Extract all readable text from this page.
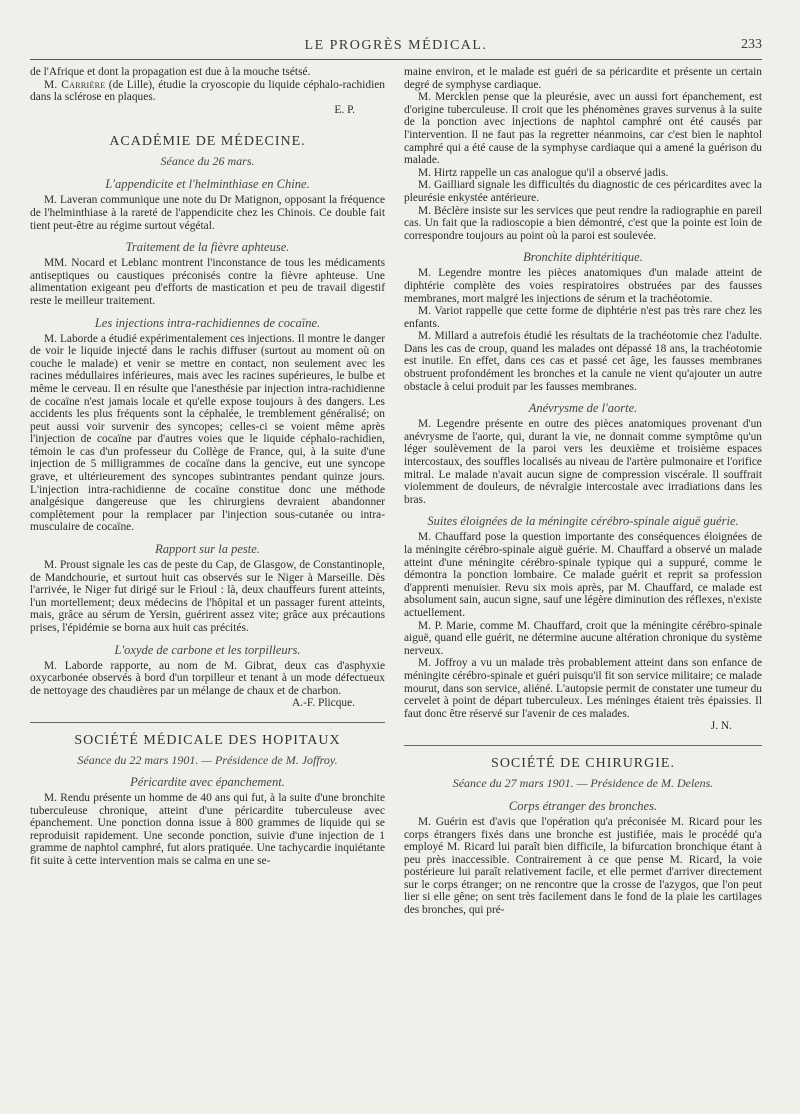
LE PROGRÈS MÉDICAL.	233

de l'Afrique et dont la propagation est due à la mouche tsétsé.

M. Carrière (de Lille), étudie la cryoscopie du liquide céphalo-rachidien dans la sclérose en plaques.

E. P.
ACADÉMIE DE MÉDECINE.
Séance du 26 mars.
L'appendicite et l'helminthiase en Chine.

M. Laveran communique une note du Dr Matignon, opposant la fréquence de l'helminthiase à la rareté de l'appendicite chez les Chinois. Ce double fait tient peut-être au régime surtout végétal.

Traitement de la fièvre aphteuse.

MM. Nocard et Leblanc montrent l'inconstance de tous les médicaments antiseptiques ou caustiques préconisés contre la fièvre aphteuse. Une alimentation exigeant peu d'efforts de mastication et peu de travail digestif reste le meilleur traitement.

Les injections intra-rachidiennes de cocaïne.

M. Laborde a étudié expérimentalement ces injections. Il montre le danger de voir le liquide injecté dans le rachis diffuser (surtout au moment où on couche le malade) et venir se mettre en contact, non seulement avec les racines médullaires inférieures, mais avec les racines supérieures, le bulbe et même le cerveau. Il en résulte que l'anesthésie par injection intra-rachidienne de cocaïne n'est jamais locale et qu'elle expose toujours à des dangers. Les accidents les plus fréquents sont la céphalée, le tremblement généralisé; on peut aussi voir survenir des syncopes; celles-ci se voient même après l'injection de cocaïne par d'autres voies que le liquide céphalo-rachidien, témoin le cas d'un professeur du Collège de France, qui, à la suite d'une injection de 5 milligrammes de cocaïne dans la gencive, eut une syncope grave, et ultérieurement des syncopes subintrantes pendant quinze jours. L'injection intra-rachidienne de cocaïne constitue donc une méthode analgésique dangereuse que les chirurgiens devraient abandonner complètement pour la remplacer par l'injection sous-cutanée ou intra-musculaire de cocaïne.

Rapport sur la peste.

M. Proust signale les cas de peste du Cap, de Glasgow, de Constantinople, de Mandchourie, et surtout huit cas observés sur le Niger à Marseille. Dès l'arrivée, le Niger fut dirigé sur le Frioul : là, deux chauffeurs furent atteints, l'un mortellement; deux médecins de l'hôpital et un passager furent atteints, mais, grâce au sérum de Yersin, guérirent assez vite; grâce aux précautions prises, l'épidémie se borna aux huit cas précités.

L'oxyde de carbone et les torpilleurs.

M. Laborde rapporte, au nom de M. Gibrat, deux cas d'asphyxie oxycarbonée observés à bord d'un torpilleur et tenant à un mode défectueux de nettoyage des chaudières par un mélange de chaux et de charbon.

A.-F. Plicque.
SOCIÉTÉ MÉDICALE DES HOPITAUX
Séance du 22 mars 1901. — Présidence de M. Joffroy.
Péricardite avec épanchement.

M. Rendu présente un homme de 40 ans qui fut, à la suite d'une bronchite tuberculeuse chronique, atteint d'une péricardite tuberculeuse avec épanchement. Une ponction donna issue à 800 grammes de liquide qui se reproduisit rapidement. Une seconde ponction, suivie d'une injection de 1 gramme de naphtol camphré, fut alors pratiquée. Une tachycardie inquiétante fit suite à cette intervention mais se calma en une se-

maine environ, et le malade est guéri de sa péricardite et présente un certain degré de symphyse cardiaque.

M. Mercklen pense que la pleurésie, avec un aussi fort épanchement, est d'origine tuberculeuse. Il croit que les phénomènes graves survenus à la suite de la ponction avec injections de naphtol camphré ont été causés par l'intervention. Il ne faut pas la regretter néanmoins, car c'est bien le naphtol camphré qui a été cause de la symphyse cardiaque qui a amené la guérison du malade.

M. Hirtz rappelle un cas analogue qu'il a observé jadis.

M. Gailliard signale les difficultés du diagnostic de ces péricardites avec la pleurésie enkystée antérieure.

M. Béclère insiste sur les services que peut rendre la radiographie en pareil cas. Un fait que la radioscopie a bien démontré, c'est que la pointe est loin de correspondre toujours au point où la paroi est soulevée.

Bronchite diphtéritique.

M. Legendre montre les pièces anatomiques d'un malade atteint de diphtérie complète des voies respiratoires obstruées par des fausses membranes, mort malgré les injections de sérum et la trachéotomie.

M. Variot rappelle que cette forme de diphtérie n'est pas très rare chez les enfants.

M. Millard a autrefois étudié les résultats de la trachéotomie chez l'adulte. Dans les cas de croup, quand les malades ont dépassé 18 ans, la trachéotomie est inutile. En effet, dans ces cas et passé cet âge, les fausses membranes obstruent profondément les bronches et la canule ne vient qu'ajouter un autre obstacle à celui produit par les fausses membranes.

Anévrysme de l'aorte.

M. Legendre présente en outre des pièces anatomiques provenant d'un anévrysme de l'aorte, qui, durant la vie, ne donnait comme symptôme qu'un léger soulèvement de la paroi vers les deuxième et troisième espaces intercostaux, des souffles localisés au niveau de l'artère pulmonaire et l'orifice mitral. Le malade n'avait aucun signe de compression viscérale. Il souffrait violemment de douleurs, de névralgie intercostale avec irradiations dans les bras.

Suites éloignées de la méningite cérébro-spinale aiguë guérie.

M. Chauffard pose la question importante des conséquences éloignées de la méningite cérébro-spinale aiguë guérie. M. Chauffard a observé un malade atteint d'une méningite cérébro-spinale typique qui a suppuré, comme le démontra la ponction lombaire. Ce malade guérit et reprit sa profession d'apprenti menuisier. Revu six mois après, par M. Chauffard, ce malade est absolument sain, aucun signe, sauf une légère diminution des réflexes, n'existe actuellement.

M. P. Marie, comme M. Chauffard, croit que la méningite cérébro-spinale aiguë, quand elle guérit, ne détermine aucune altération chronique du système nerveux.

M. Joffroy a vu un malade très probablement atteint dans son enfance de méningite cérébro-spinale et guéri puisqu'il fit son service militaire; ce malade mourut, dans son service, aliéné. L'autopsie permit de constater une tumeur du cervelet à point de départ tuberculeux. Les méninges étaient très épaissies. Il faut donc être réservé sur l'avenir de ces malades.

J. N.
SOCIÉTÉ DE CHIRURGIE.
Séance du 27 mars 1901. — Présidence de M. Delens.
Corps étranger des bronches.

M. Guérin est d'avis que l'opération qu'a préconisée M. Ricard pour les corps étrangers fixés dans une bronche est justifiée, mais le procédé qu'a employé M. Ricard lui paraît bien difficile, la bifurcation bronchique étant à peu près inaccessible. Contrairement à ce que pense M. Ricard, la voie postérieure lui paraît relativement facile, et elle permet d'arriver directement sur le corps étranger; on ne rencontre que la crosse de l'azygos, que l'on peut lier si elle gêne; on sent très facilement dans le fond de la plaie les cartilages des bronches, qui pré-
